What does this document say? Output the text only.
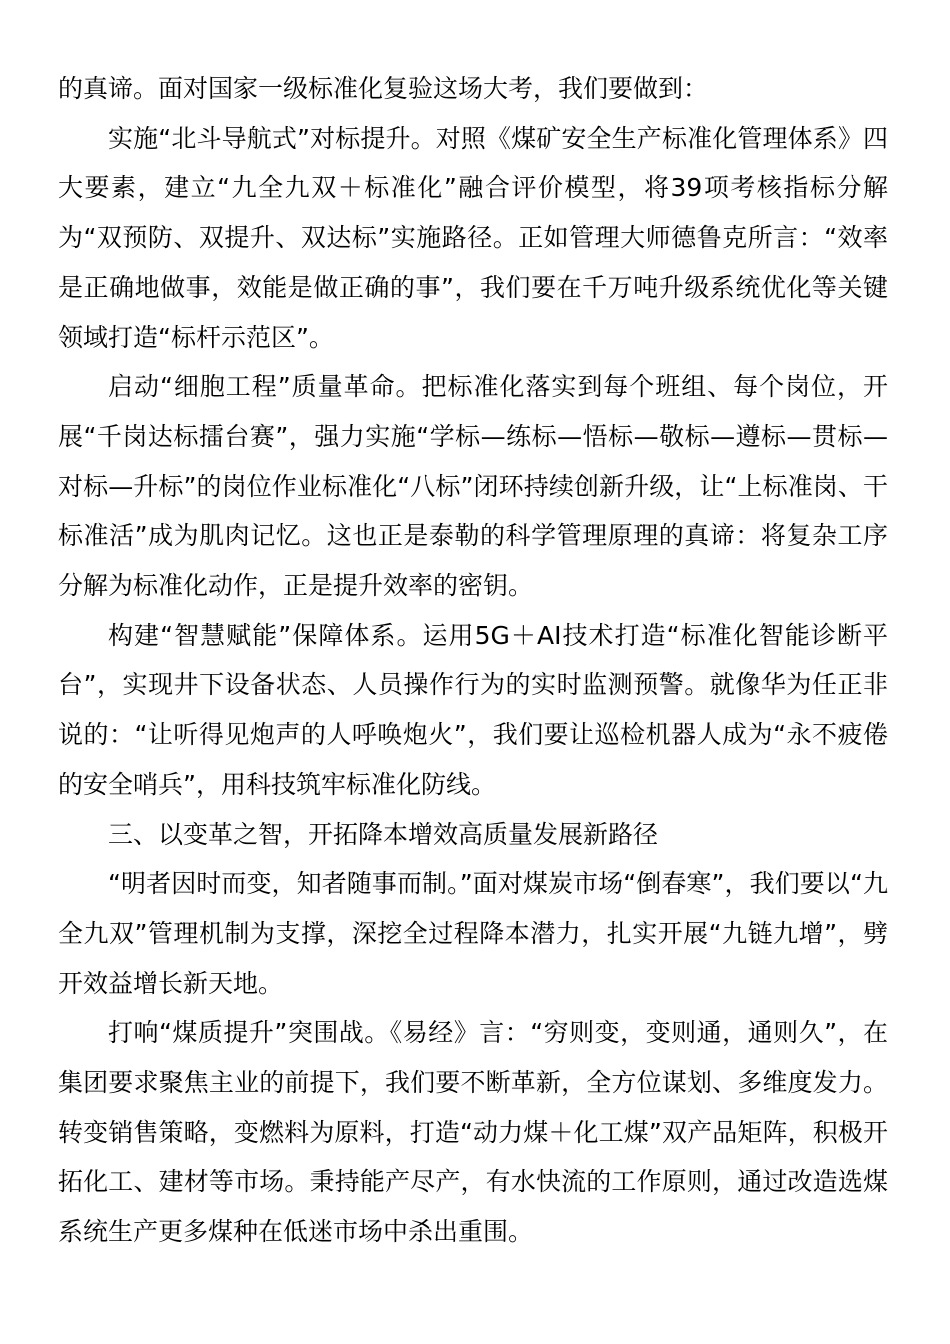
的真谛。面对国家一级标准化复验这场大考，我们要做到：

实施“北斗导航式”对标提升。对照《煤矿安全生产标准化管理体系》四大要素，建立“九全九双＋标准化”融合评价模型，将39项考核指标分解为“双预防、双提升、双达标”实施路径。正如管理大师德鲁克所言：“效率是正确地做事，效能是做正确的事”，我们要在千万吨升级系统优化等关键领域打造“标杆示范区”。

启动“细胞工程”质量革命。把标准化落实到每个班组、每个岗位，开展“千岗达标擂台赛”，强力实施“学标—练标—悟标—敬标—遵标—贯标—对标—升标”的岗位作业标准化“八标”闭环持续创新升级，让“上标准岗、干标准活”成为肌肉记忆。这也正是泰勒的科学管理原理的真谛：将复杂工序分解为标准化动作，正是提升效率的密钥。

构建“智慧赋能”保障体系。运用5G＋AI技术打造“标准化智能诊断平台”，实现井下设备状态、人员操作行为的实时监测预警。就像华为任正非说的：“让听得见炮声的人呼唤炮火”，我们要让巡检机器人成为“永不疲倦的安全哨兵”，用科技筑牢标准化防线。

三、以变革之智，开拓降本增效高质量发展新路径

“明者因时而变，知者随事而制。”面对煤炭市场“倒春寒”，我们要以“九全九双”管理机制为支撑，深挖全过程降本潜力，扎实开展“九链九增”，劈开效益增长新天地。

打响“煤质提升”突围战。《易经》言：“穷则变，变则通，通则久”，在集团要求聚焦主业的前提下，我们要不断革新，全方位谋划、多维度发力。转变销售策略，变燃料为原料，打造“动力煤＋化工煤”双产品矩阵，积极开拓化工、建材等市场。秉持能产尽产，有水快流的工作原则，通过改造选煤系统生产更多煤种在低迷市场中杀出重围。
